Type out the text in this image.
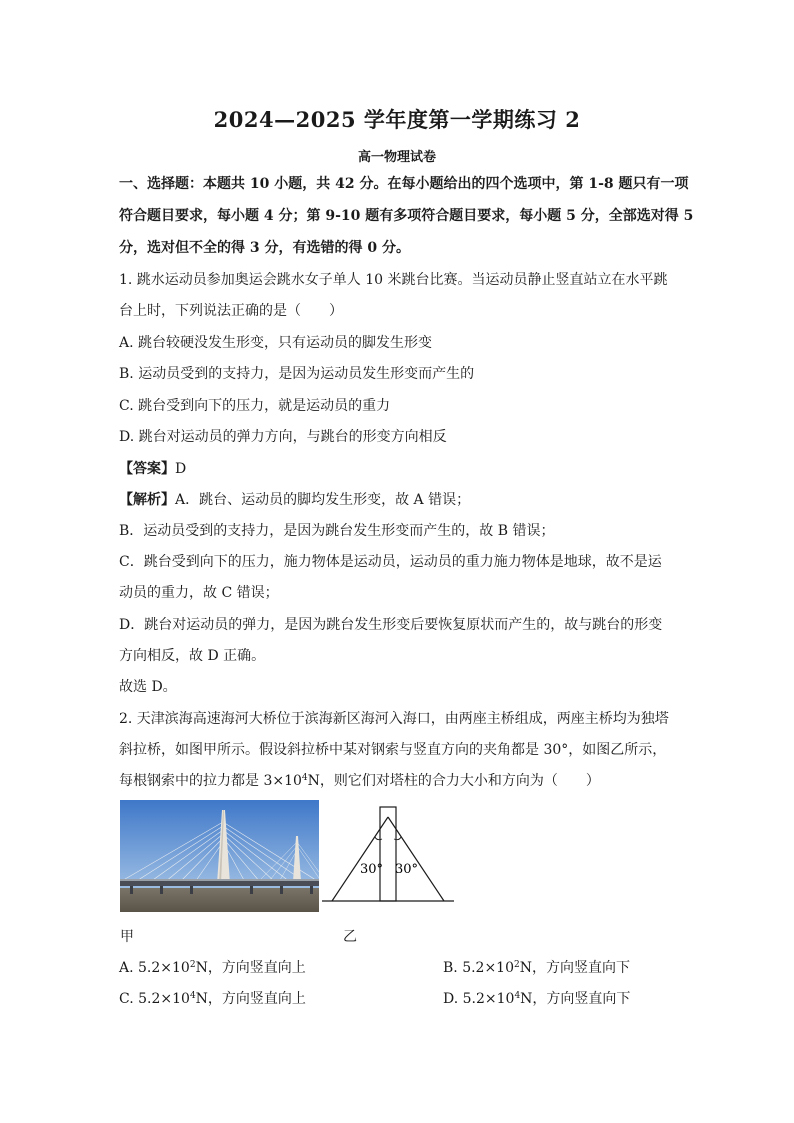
2024—2025 学年度第一学期练习 2
高一物理试卷
一、选择题：本题共 10 小题，共 42 分。在每小题给出的四个选项中，第 1-8 题只有一项
符合题目要求，每小题 4 分；第 9-10 题有多项符合题目要求，每小题 5 分，全部选对得 5
分，选对但不全的得 3 分，有选错的得 0 分。
1. 跳水运动员参加奥运会跳水女子单人 10 米跳台比赛。当运动员静止竖直站立在水平跳
台上时，下列说法正确的是（　　）
A. 跳台较硬没发生形变，只有运动员的脚发生形变
B. 运动员受到的支持力，是因为运动员发生形变而产生的
C. 跳台受到向下的压力，就是运动员的重力
D. 跳台对运动员的弹力方向，与跳台的形变方向相反
【答案】D
【解析】A．跳台、运动员的脚均发生形变，故 A 错误；
B．运动员受到的支持力，是因为跳台发生形变而产生的，故 B 错误；
C．跳台受到向下的压力，施力物体是运动员，运动员的重力施力物体是地球，故不是运
动员的重力，故 C 错误；
D．跳台对运动员的弹力，是因为跳台发生形变后要恢复原状而产生的，故与跳台的形变
方向相反，故 D 正确。
故选 D。
2. 天津滨海高速海河大桥位于滨海新区海河入海口，由两座主桥组成，两座主桥均为独塔
斜拉桥，如图甲所示。假设斜拉桥中某对钢索与竖直方向的夹角都是 30°，如图乙所示，
每根钢索中的拉力都是 $3\times 10^4N$，则它们对塔柱的合力大小和方向为（　　）
30° 30°
甲	乙
A. $5.2\times 10^2N$，方向竖直向上	B. $5.2\times 10^2N$，方向竖直向下
C. $5.2\times 10^4N$，方向竖直向上	D. $5.2\times 10^4N$，方向竖直向下
